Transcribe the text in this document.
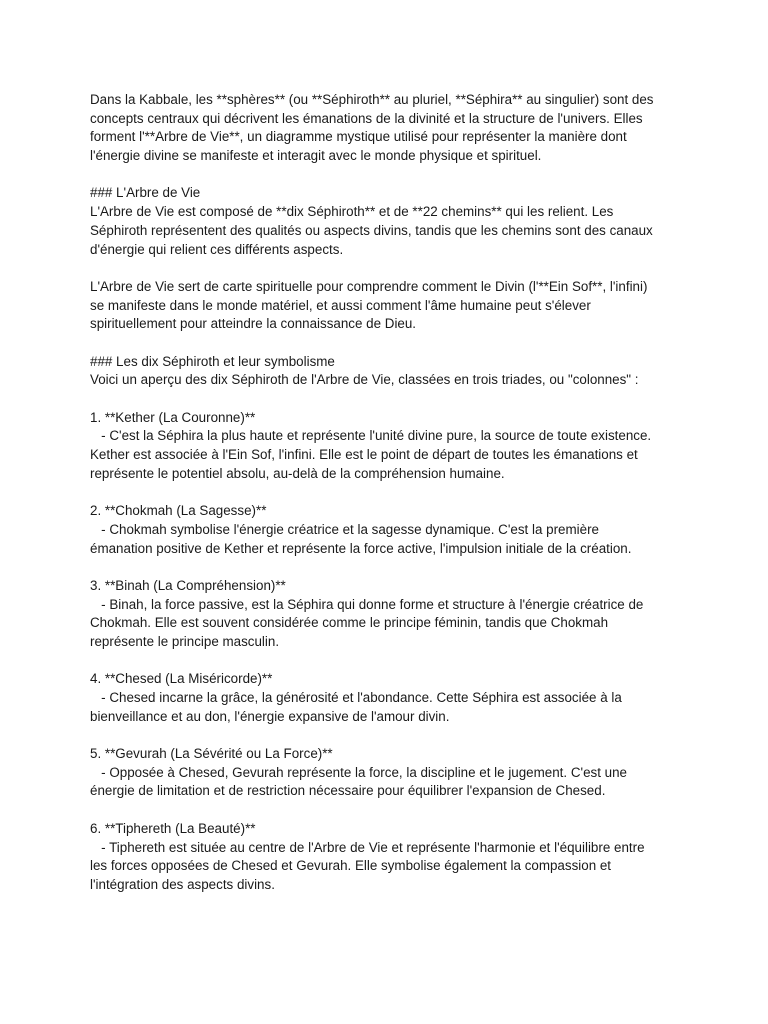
Dans la Kabbale, les **sphères** (ou **Séphiroth** au pluriel, **Séphira** au singulier) sont des
concepts centraux qui décrivent les émanations de la divinité et la structure de l'univers. Elles
forment l'**Arbre de Vie**, un diagramme mystique utilisé pour représenter la manière dont
l'énergie divine se manifeste et interagit avec le monde physique et spirituel.
### L'Arbre de Vie
L'Arbre de Vie est composé de **dix Séphiroth** et de **22 chemins** qui les relient. Les
Séphiroth représentent des qualités ou aspects divins, tandis que les chemins sont des canaux
d'énergie qui relient ces différents aspects.
L'Arbre de Vie sert de carte spirituelle pour comprendre comment le Divin (l'**Ein Sof**, l'infini)
se manifeste dans le monde matériel, et aussi comment l'âme humaine peut s'élever
spirituellement pour atteindre la connaissance de Dieu.
### Les dix Séphiroth et leur symbolisme
Voici un aperçu des dix Séphiroth de l'Arbre de Vie, classées en trois triades, ou "colonnes" :
1. **Kether (La Couronne)**
- C'est la Séphira la plus haute et représente l'unité divine pure, la source de toute existence.
Kether est associée à l'Ein Sof, l'infini. Elle est le point de départ de toutes les émanations et
représente le potentiel absolu, au-delà de la compréhension humaine.
2. **Chokmah (La Sagesse)**
- Chokmah symbolise l'énergie créatrice et la sagesse dynamique. C'est la première
émanation positive de Kether et représente la force active, l'impulsion initiale de la création.
3. **Binah (La Compréhension)**
- Binah, la force passive, est la Séphira qui donne forme et structure à l'énergie créatrice de
Chokmah. Elle est souvent considérée comme le principe féminin, tandis que Chokmah
représente le principe masculin.
4. **Chesed (La Miséricorde)**
- Chesed incarne la grâce, la générosité et l'abondance. Cette Séphira est associée à la
bienveillance et au don, l'énergie expansive de l'amour divin.
5. **Gevurah (La Sévérité ou La Force)**
- Opposée à Chesed, Gevurah représente la force, la discipline et le jugement. C'est une
énergie de limitation et de restriction nécessaire pour équilibrer l'expansion de Chesed.
6. **Tiphereth (La Beauté)**
- Tiphereth est située au centre de l'Arbre de Vie et représente l'harmonie et l'équilibre entre
les forces opposées de Chesed et Gevurah. Elle symbolise également la compassion et
l'intégration des aspects divins.
